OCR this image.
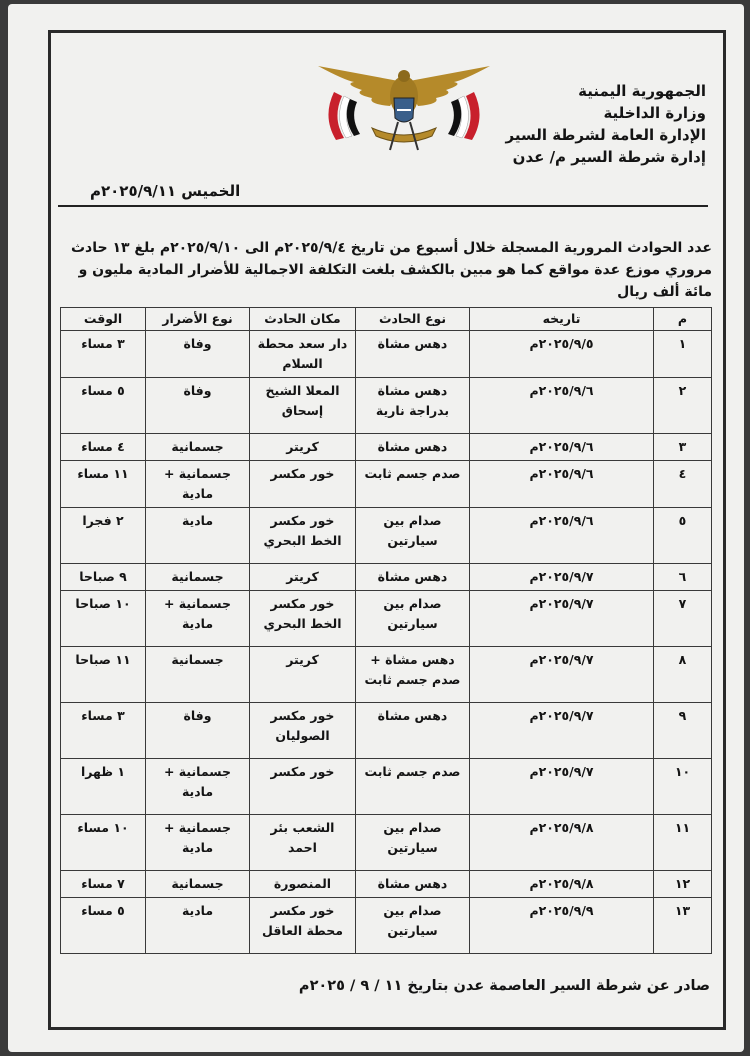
الجمهورية اليمنية
وزارة الداخلية
الإدارة العامة لشرطة السير
إدارة شرطة السير م/ عدن
الخميس ٢٠٢٥/٩/١١م
عدد الحوادث المرورية المسجلة خلال أسبوع من تاريخ ٢٠٢٥/٩/٤م الى ٢٠٢٥/٩/١٠م بلغ ١٣ حادث مروري موزع عدة مواقع كما هو مبين بالكشف بلغت التكلفة الاجمالية للأضرار المادية مليون و مائة ألف ريال
م	تاريخه	نوع الحادث	مكان الحادث	نوع الأضرار	الوقت
١	٢٠٢٥/٩/٥م	دهس مشاة	دار سعد محطة السلام	وفاة	٣ مساء
٢	٢٠٢٥/٩/٦م	دهس مشاة بدراجة نارية	المعلا الشيخ إسحاق	وفاة	٥ مساء
٣	٢٠٢٥/٩/٦م	دهس مشاة	كريتر	جسمانية	٤ مساء
٤	٢٠٢٥/٩/٦م	صدم جسم ثابت	خور مكسر	جسمانية + مادية	١١ مساء
٥	٢٠٢٥/٩/٦م	صدام بين سيارتين	خور مكسر الخط البحري	مادية	٢ فجرا
٦	٢٠٢٥/٩/٧م	دهس مشاة	كريتر	جسمانية	٩ صباحا
٧	٢٠٢٥/٩/٧م	صدام بين سيارتين	خور مكسر الخط البحري	جسمانية + مادية	١٠ صباحا
٨	٢٠٢٥/٩/٧م	دهس مشاة + صدم جسم ثابت	كريتر	جسمانية	١١ صباحا
٩	٢٠٢٥/٩/٧م	دهس مشاة	خور مكسر الصوليان	وفاة	٣ مساء
١٠	٢٠٢٥/٩/٧م	صدم جسم ثابت	خور مكسر	جسمانية + مادية	١ ظهرا
١١	٢٠٢٥/٩/٨م	صدام بين سيارتين	الشعب بئر احمد	جسمانية + مادية	١٠ مساء
١٢	٢٠٢٥/٩/٨م	دهس مشاة	المنصورة	جسمانية	٧ مساء
١٣	٢٠٢٥/٩/٩م	صدام بين سيارتين	خور مكسر محطة العاقل	مادية	٥ مساء
صادر عن شرطة السير العاصمة عدن بتاريخ ١١ / ٩ / ٢٠٢٥م
